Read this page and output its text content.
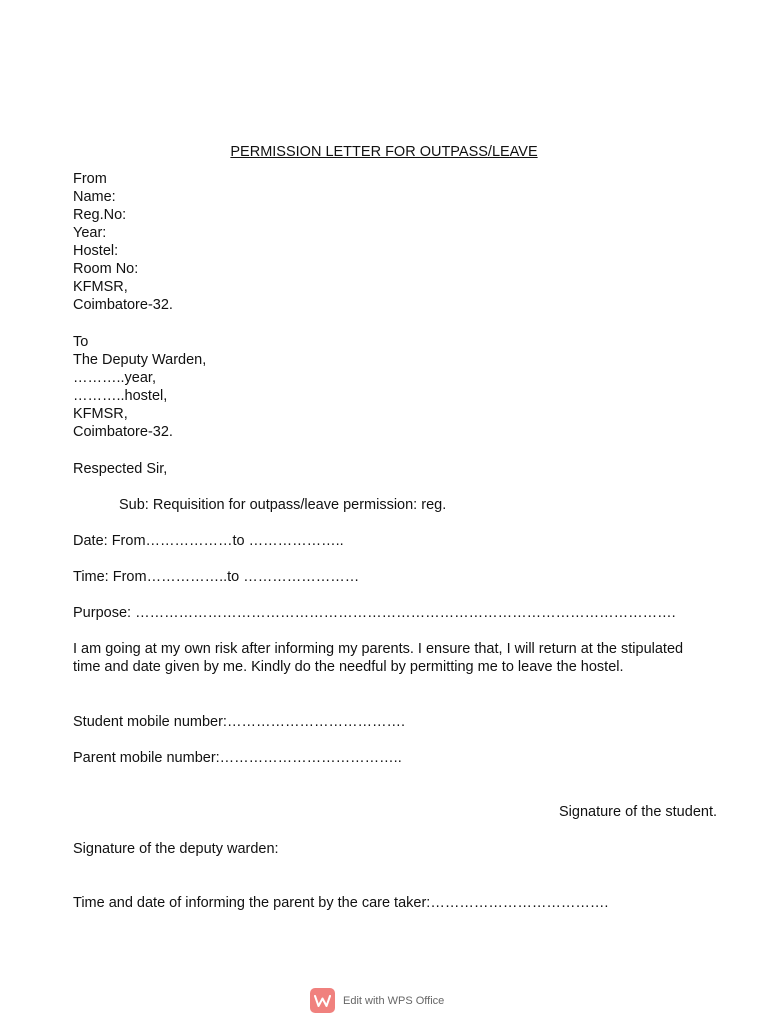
PERMISSION LETTER FOR OUTPASS/LEAVE
From
Name:
Reg.No:
Year:
Hostel:
Room No:
KFMSR,
Coimbatore-32.
To
The Deputy Warden,
………..year,
………..hostel,
KFMSR,
Coimbatore-32.
Respected Sir,
Sub: Requisition for outpass/leave permission: reg.
Date: From………………to ………………..
Time: From……………..to ……………………
Purpose: ………………………………………………………………………………………………….
I am going at my own risk after informing my parents. I ensure that, I will return at the stipulated time and date given by me. Kindly do the needful by permitting me to leave the hostel.
Student mobile number:……………………………….
Parent mobile number:………………………………..
Signature of the student.
Signature of the deputy warden:
Time and date of informing the parent by the care taker:……………………………….
Edit with WPS Office
